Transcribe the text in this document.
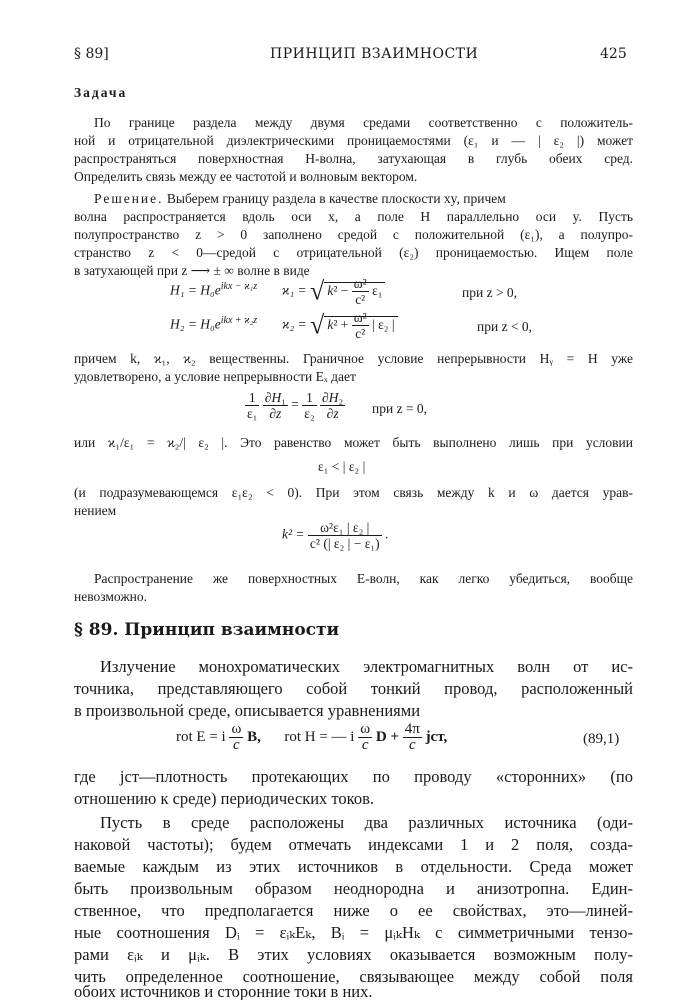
§ 89]	ПРИНЦИП ВЗАИМНОСТИ	425
Задача
По границе раздела между двумя средами соответственно с положитель-
ной и отрицательной диэлектрическими проницаемостями (ε₁ и — | ε₂ |) может
распространяться поверхностная H-волна, затухающая в глубь обеих сред.
Определить связь между ее частотой и волновым вектором.
Решение. Выберем границу раздела в качестве плоскости xy, причем
волна распространяется вдоль оси x, а поле H параллельно оси y. Пусть
полупространство z > 0 заполнено средой с положительной (ε₁), а полупро-
странство z < 0—средой с отрицательной (ε₂) проницаемостью. Ищем поле
в затухающей при z ⟶ ± ∞ волне в виде
$H_1 = H_0e^{ikx - ϰ_1z}$ ϰ₁ = √ $k^2 - \frac{\text{ω²}}{\text{c²}} \varepsilon_1$	при z > 0,
$H_2 = H_0e^{ikx + ϰ_2z}$ ϰ₂ = √ $k^2 + \frac{\text{ω²}}{\text{c²}}$ | ε₂ |	при z < 0,
причем k, ϰ₁, ϰ₂ вещественны. Граничное условие непрерывности Hᵧ = H уже
удовлетворено, а условие непрерывности Eₓ дает
$\frac{1}{\text{ε₁}}$
$\frac{\text{∂H₁}}{\partial z} = \frac{1}{\text{ε₂}}$
$\frac{\text{∂H₂}}{\partial z}$ при z = 0,
или ϰ₁/ε₁ = ϰ₂/| ε₂ |. Это равенство может быть выполнено лишь при условии
ε₁ < | ε₂ |
(и подразумевающемся ε₁ε₂ < 0). При этом связь между k и ω дается урав-
нением
$k^2 = \frac{\text{ω²ε₁ | ε₂ |}}{\text{c² (| ε₂ | − ε₁)}}$ .
Распространение же поверхностных E-волн, как легко убедиться, вообще
невозможно.
§ 89. Принцип взаимности
Излучение монохроматических электромагнитных волн от ис-
точника, представляющего собой тонкий провод, расположенный
в произвольной среде, описывается уравнениями
rot E = i $\frac{\omega}{c} B$, rot H = — i $\frac{\omega}{c}$ $D + \frac{4\pi}{c}$ jст,	(89,1)
где jст—плотность протекающих по проводу «сторонних» (по
отношению к среде) периодических токов.
Пусть в среде расположены два различных источника (оди-
наковой частоты); будем отмечать индексами 1 и 2 поля, созда-
ваемые каждым из этих источников в отдельности. Среда может
быть произвольным образом неоднородна и анизотропна. Един-
ственное, что предполагается ниже о ее свойствах, это—линей-
ные соотношения Dᵢ = εᵢₖEₖ, Bᵢ = μᵢₖHₖ с симметричными тензо-
рами εᵢₖ и μᵢₖ. В этих условиях оказывается возможным полу-
чить определенное соотношение, связывающее между собой поля
обоих источников и сторонние токи в них.
